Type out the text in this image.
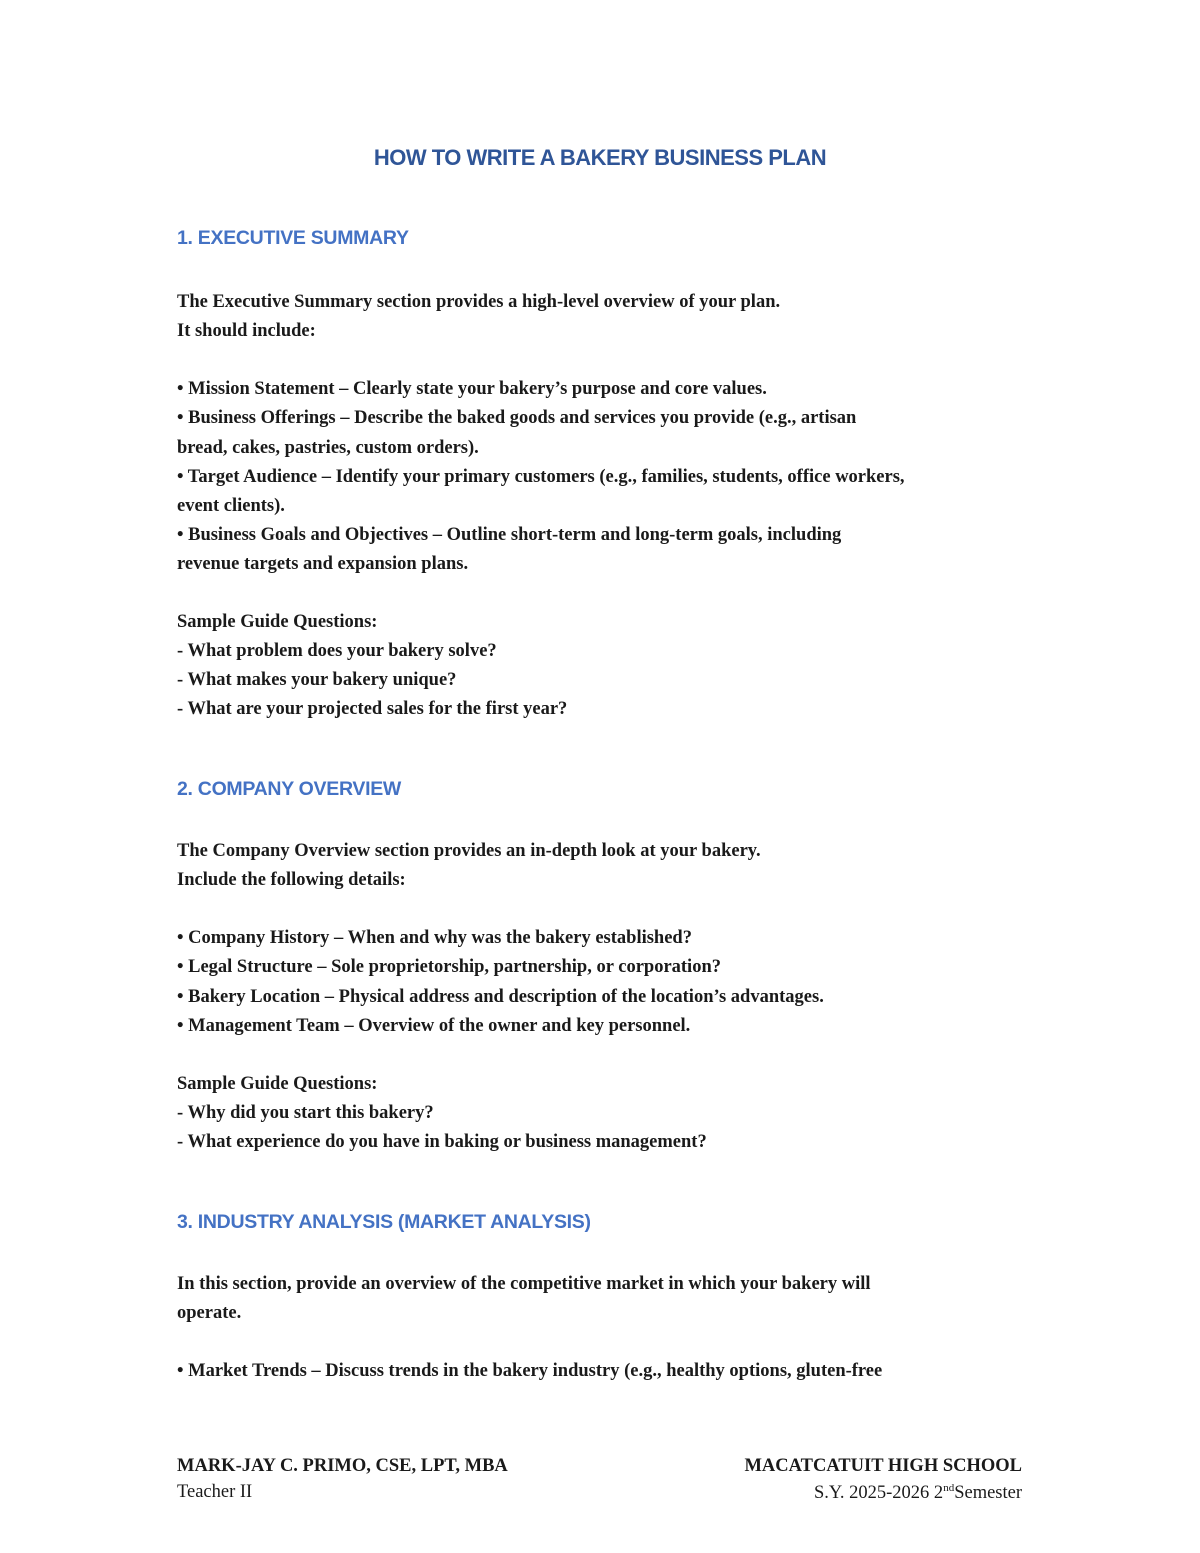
HOW TO WRITE A BAKERY BUSINESS PLAN
1. EXECUTIVE SUMMARY
The Executive Summary section provides a high-level overview of your plan.
It should include:
• Mission Statement – Clearly state your bakery’s purpose and core values.
• Business Offerings – Describe the baked goods and services you provide (e.g., artisan
bread, cakes, pastries, custom orders).
• Target Audience – Identify your primary customers (e.g., families, students, office workers,
event clients).
• Business Goals and Objectives – Outline short-term and long-term goals, including
revenue targets and expansion plans.
Sample Guide Questions:
- What problem does your bakery solve?
- What makes your bakery unique?
- What are your projected sales for the first year?
2. COMPANY OVERVIEW
The Company Overview section provides an in-depth look at your bakery.
Include the following details:
• Company History – When and why was the bakery established?
• Legal Structure – Sole proprietorship, partnership, or corporation?
• Bakery Location – Physical address and description of the location’s advantages.
• Management Team – Overview of the owner and key personnel.
Sample Guide Questions:
- Why did you start this bakery?
- What experience do you have in baking or business management?
3. INDUSTRY ANALYSIS (MARKET ANALYSIS)
In this section, provide an overview of the competitive market in which your bakery will
operate.
• Market Trends – Discuss trends in the bakery industry (e.g., healthy options, gluten-free
MARK-JAY C. PRIMO, CSE, LPT, MBA
Teacher II
MACATCATUIT HIGH SCHOOL
S.Y. 2025-2026 2ndSemester
